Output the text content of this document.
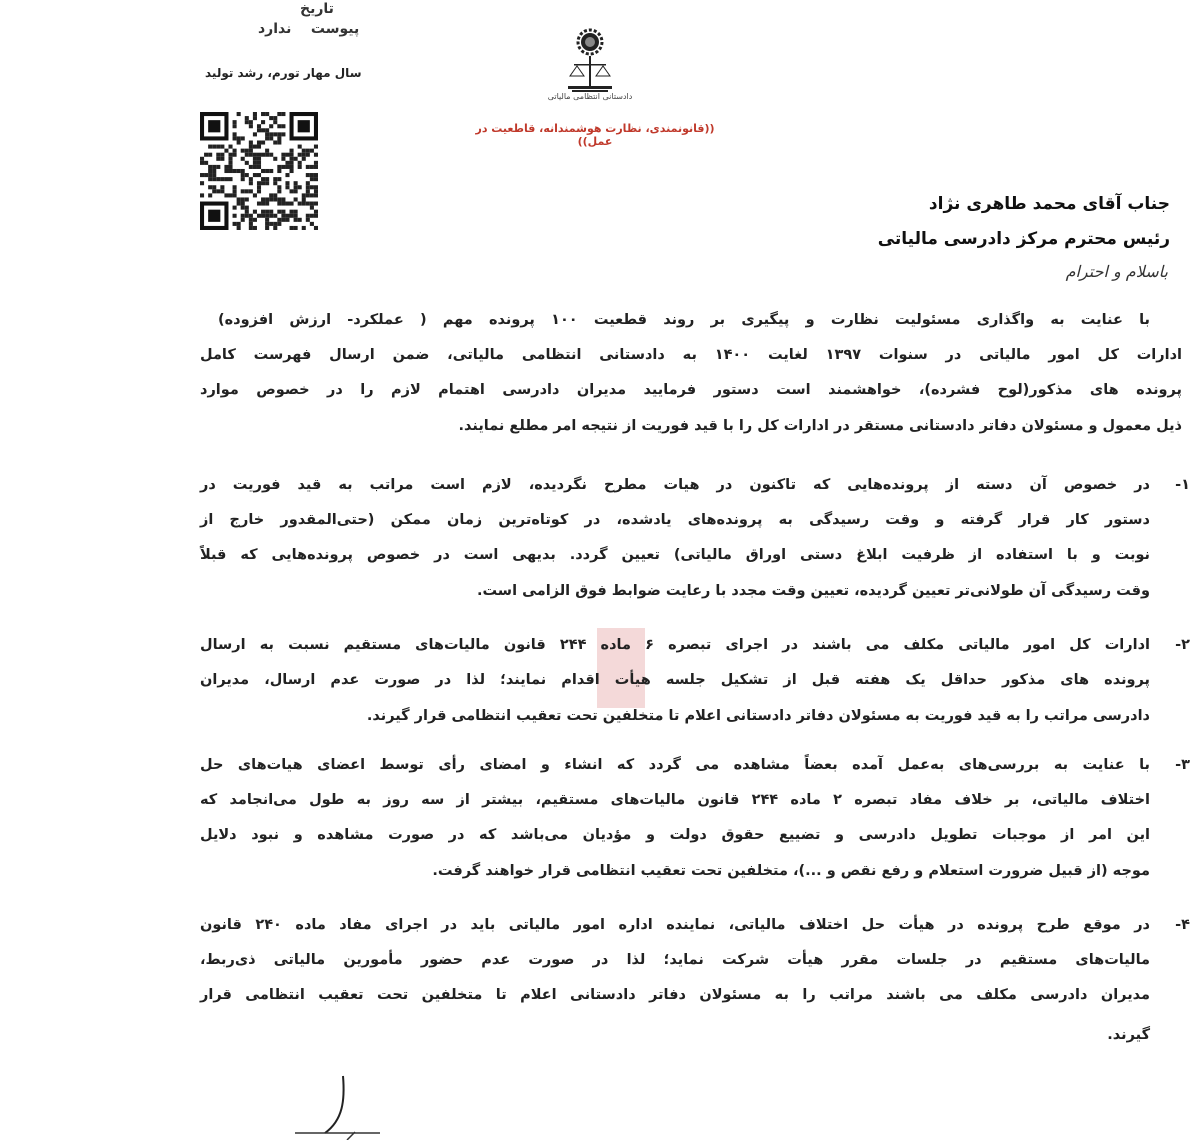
تاریخ
پیوست    ندارد
سال مهار تورم، رشد تولید
دادستانی انتظامی مالیاتی
((قانونمندی، نظارت هوشمندانه، قاطعیت در عمل))
جناب آقای محمد طاهری نژاد
رئیس محترم مرکز دادرسی مالیاتی
باسلام و احترام
با عنایت به واگذاری مسئولیت نظارت و پیگیری بر روند قطعیت ۱۰۰ پرونده مهم ( عملکرد- ارزش افزوده)
ادارات کل امور مالیاتی در سنوات ۱۳۹۷ لغایت ۱۴۰۰ به دادستانی انتظامی مالیاتی، ضمن ارسال فهرست کامل
پرونده های مذکور(لوح فشرده)، خواهشمند است دستور فرمایید مدیران دادرسی اهتمام لازم را در خصوص موارد
ذیل معمول و مسئولان دفاتر دادستانی مستقر در ادارات کل را با قید فوریت از نتیجه امر مطلع نمایند.
۱-
در خصوص آن دسته از پرونده‌هایی که تاکنون در هیات مطرح نگردیده، لازم است مراتب به قید فوریت در
دستور کار قرار گرفته و وقت رسیدگی به پرونده‌های یادشده، در کوتاه‌ترین زمان ممکن (حتی‌المقدور خارج از
نوبت و با استفاده از ظرفیت ابلاغ دستی اوراق مالیاتی) تعیین گردد. بدیهی است در خصوص پرونده‌هایی که قبلاً
وقت رسیدگی آن طولانی‌تر تعیین گردیده، تعیین وقت مجدد با رعایت ضوابط فوق الزامی است.
۲-
ادارات کل امور مالیاتی مکلف می باشند در اجرای تبصره ۶ ماده ۲۴۴ قانون مالیات‌های مستقیم نسبت به ارسال
پرونده های مذکور حداقل یک هفته قبل از تشکیل جلسه هیأت اقدام نمایند؛ لذا در صورت عدم ارسال، مدیران
دادرسی مراتب را به قید فوریت به مسئولان دفاتر دادستانی اعلام تا متخلفین تحت تعقیب انتظامی قرار گیرند.
۳-
با عنایت به بررسی‌های به‌عمل آمده بعضاً مشاهده می گردد که انشاء و امضای رأی توسط اعضای هیات‌های حل
اختلاف مالیاتی، بر خلاف مفاد تبصره ۲ ماده ۲۴۴ قانون مالیات‌های مستقیم، بیشتر از سه روز به طول می‌انجامد که
این امر از موجبات تطویل دادرسی و تضییع حقوق دولت و مؤدیان می‌باشد که در صورت مشاهده و نبود دلایل
موجه (از قبیل ضرورت استعلام و رفع نقص و ...)، متخلفین تحت تعقیب انتظامی قرار خواهند گرفت.
۴-
در موقع طرح پرونده در هیأت حل اختلاف مالیاتی، نماینده اداره امور مالیاتی باید در اجرای مفاد ماده ۲۴۰ قانون
مالیات‌های مستقیم در جلسات مقرر هیأت شرکت نماید؛ لذا در صورت عدم حضور مأمورین مالیاتی ذی‌ربط،
مدیران دادرسی مکلف می باشند مراتب را به مسئولان دفاتر دادستانی اعلام تا متخلفین تحت تعقیب انتظامی قرار
گیرند.
